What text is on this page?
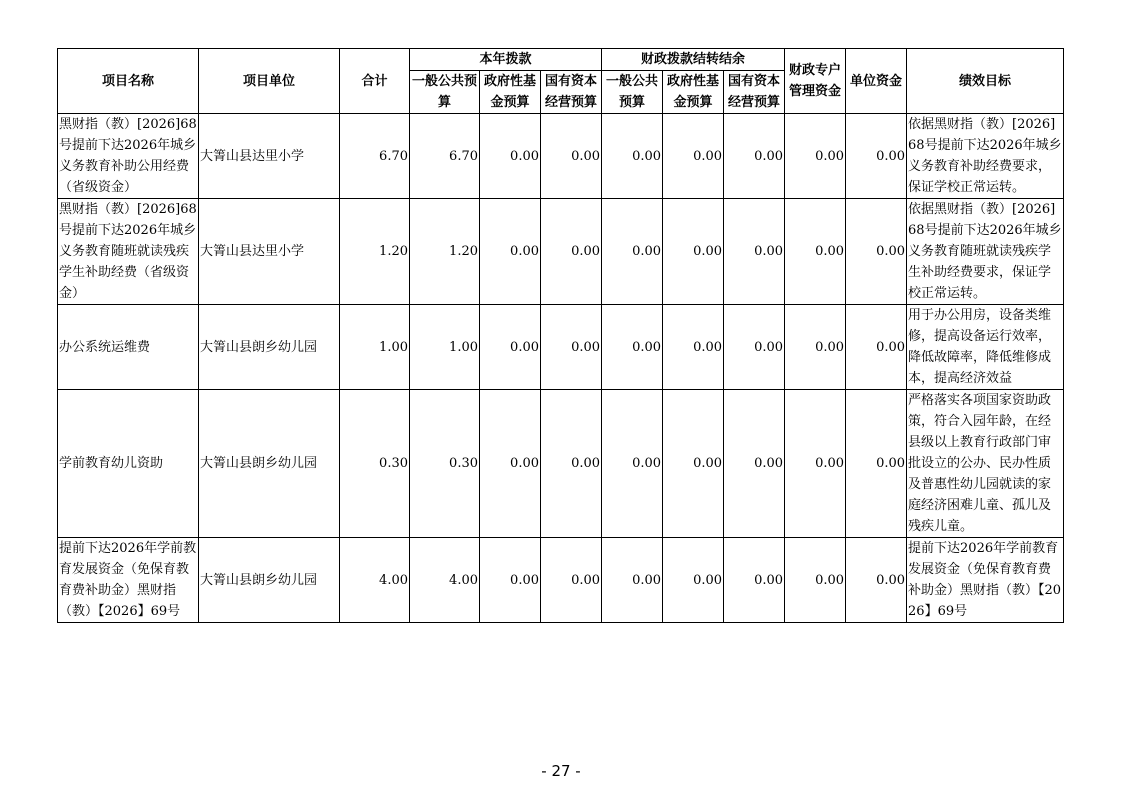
项目名称	项目单位	合计	本年拨款			财政拨款结转结余			财政专户管理资金	单位资金	绩效目标
			一般公共预算	政府性基金预算	国有资本经营预算	一般公共预算	政府性基金预算	国有资本经营预算			

黑财指（教）[2026]68号提前下达2026年城乡义务教育补助公用经费（省级资金）	大箐山县达里小学	6.70	6.70	0.00	0.00	0.00	0.00	0.00	0.00	0.00	依据黑财指（教）[2026]68号提前下达2026年城乡义务教育补助经费要求，保证学校正常运转。
黑财指（教）[2026]68号提前下达2026年城乡义务教育随班就读残疾学生补助经费（省级资金）	大箐山县达里小学	1.20	1.20	0.00	0.00	0.00	0.00	0.00	0.00	0.00	依据黑财指（教）[2026]68号提前下达2026年城乡义务教育随班就读残疾学生补助经费要求，保证学校正常运转。
办公系统运维费	大箐山县朗乡幼儿园	1.00	1.00	0.00	0.00	0.00	0.00	0.00	0.00	0.00	用于办公用房，设备类维修，提高设备运行效率，降低故障率，降低维修成本，提高经济效益
学前教育幼儿资助	大箐山县朗乡幼儿园	0.30	0.30	0.00	0.00	0.00	0.00	0.00	0.00	0.00	严格落实各项国家资助政策，符合入园年龄，在经县级以上教育行政部门审批设立的公办、民办性质及普惠性幼儿园就读的家庭经济困难儿童、孤儿及残疾儿童。
提前下达2026年学前教育发展资金（免保育教育费补助金）黑财指（教）【2026】69号	大箐山县朗乡幼儿园	4.00	4.00	0.00	0.00	0.00	0.00	0.00	0.00	0.00	提前下达2026年学前教育发展资金（免保育教育费补助金）黑财指（教）【2026】69号
- 27 -
